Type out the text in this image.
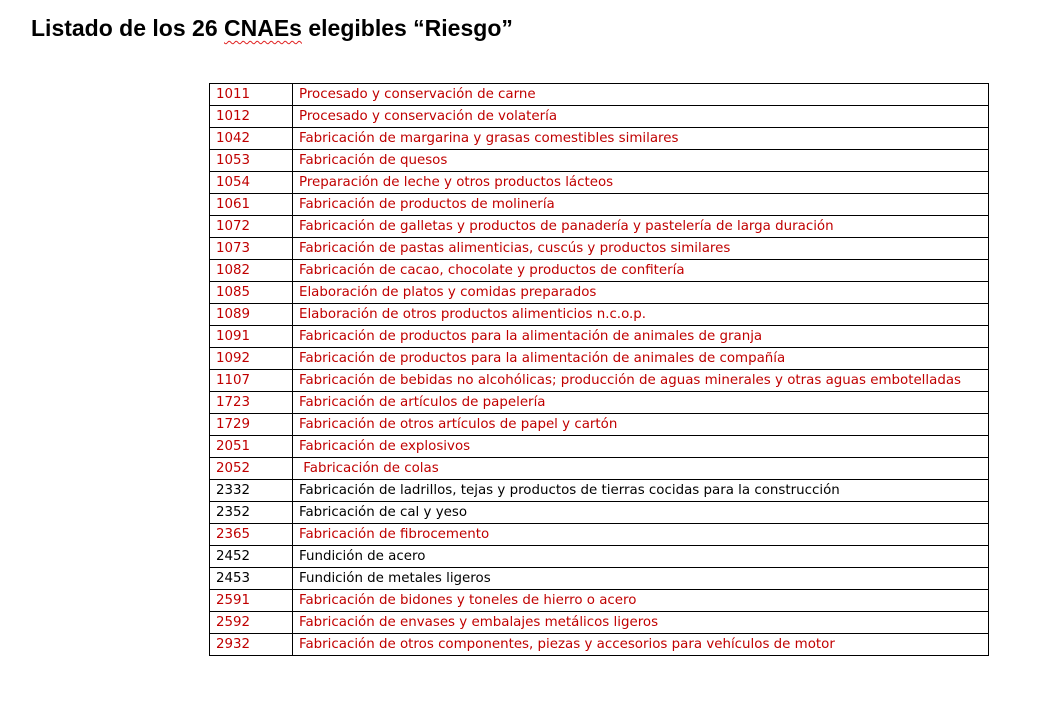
Listado de los 26 CNAEs elegibles “Riesgo”
1011	Procesado y conservación de carne
1012	Procesado y conservación de volatería
1042	Fabricación de margarina y grasas comestibles similares
1053	Fabricación de quesos
1054	Preparación de leche y otros productos lácteos
1061	Fabricación de productos de molinería
1072	Fabricación de galletas y productos de panadería y pastelería de larga duración
1073	Fabricación de pastas alimenticias, cuscús y productos similares
1082	Fabricación de cacao, chocolate y productos de confitería
1085	Elaboración de platos y comidas preparados
1089	Elaboración de otros productos alimenticios n.c.o.p.
1091	Fabricación de productos para la alimentación de animales de granja
1092	Fabricación de productos para la alimentación de animales de compañía
1107	Fabricación de bebidas no alcohólicas; producción de aguas minerales y otras aguas embotelladas
1723	Fabricación de artículos de papelería
1729	Fabricación de otros artículos de papel y cartón
2051	Fabricación de explosivos
2052	Fabricación de colas
2332	Fabricación de ladrillos, tejas y productos de tierras cocidas para la construcción
2352	Fabricación de cal y yeso
2365	Fabricación de fibrocemento
2452	Fundición de acero
2453	Fundición de metales ligeros
2591	Fabricación de bidones y toneles de hierro o acero
2592	Fabricación de envases y embalajes metálicos ligeros
2932	Fabricación de otros componentes, piezas y accesorios para vehículos de motor
